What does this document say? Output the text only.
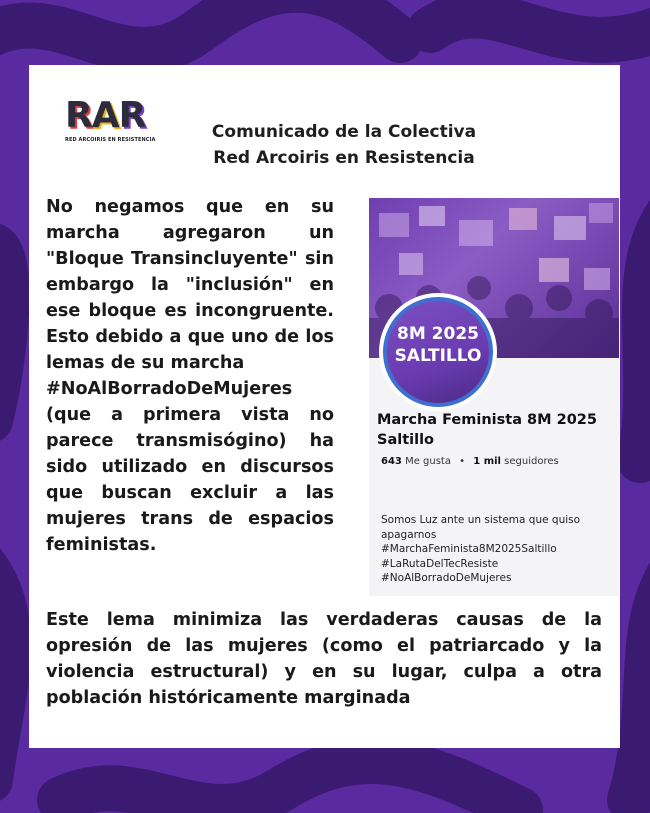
RAR
RED ARCOIRIS EN RESISTENCIA	Comunicado de la Colectiva
Red Arcoiris en Resistencia

No negamos que en su marcha agregaron un "Bloque Transincluyente" sin embargo la "inclusión" en ese bloque es incongruente. Esto debido a que uno de los lemas de su marcha

#NoAlBorradoDeMujeres

(que a primera vista no parece transmisógino) ha sido utilizado en discursos que buscan excluir a las mujeres trans de espacios feministas.

Este lema minimiza las verdaderas causas de la opresión de las mujeres (como el patriarcado y la violencia estructural) y en su lugar, culpa a otra población históricamente marginada
8M 2025
SALTILLO
Marcha Feminista 8M 2025 Saltillo
643 Me gusta • 1 mil seguidores
Somos Luz ante un sistema que quiso
apagarnos
#MarchaFeminista8M2025Saltillo
#LaRutaDelTecResiste
#NoAlBorradoDeMujeres
